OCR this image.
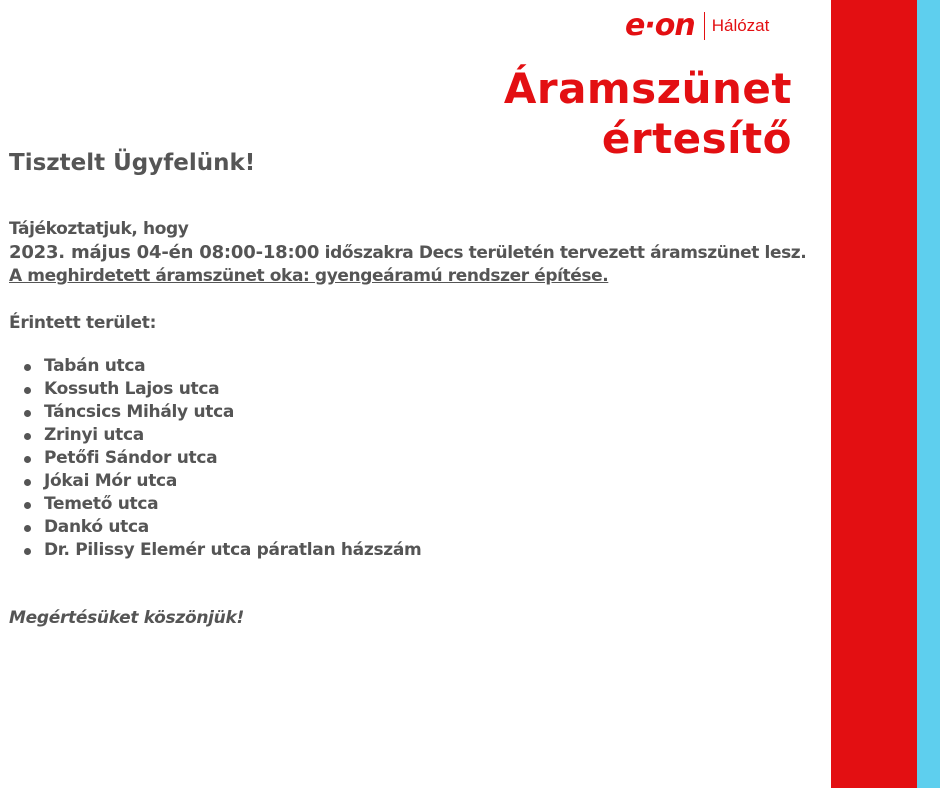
e·on Hálózat
Áramszünet
értesítő
Tisztelt Ügyfelünk!
Tájékoztatjuk, hogy
2023. május 04-én 08:00-18:00 időszakra Decs területén tervezett áramszünet lesz.
A meghirdetett áramszünet oka: gyengeáramú rendszer építése.
Érintett terület:
Tabán utca
Kossuth Lajos utca
Táncsics Mihály utca
Zrinyi utca
Petőfi Sándor utca
Jókai Mór utca
Temető utca
Dankó utca
Dr. Pilissy Elemér utca páratlan házszám
Megértésüket köszönjük!
